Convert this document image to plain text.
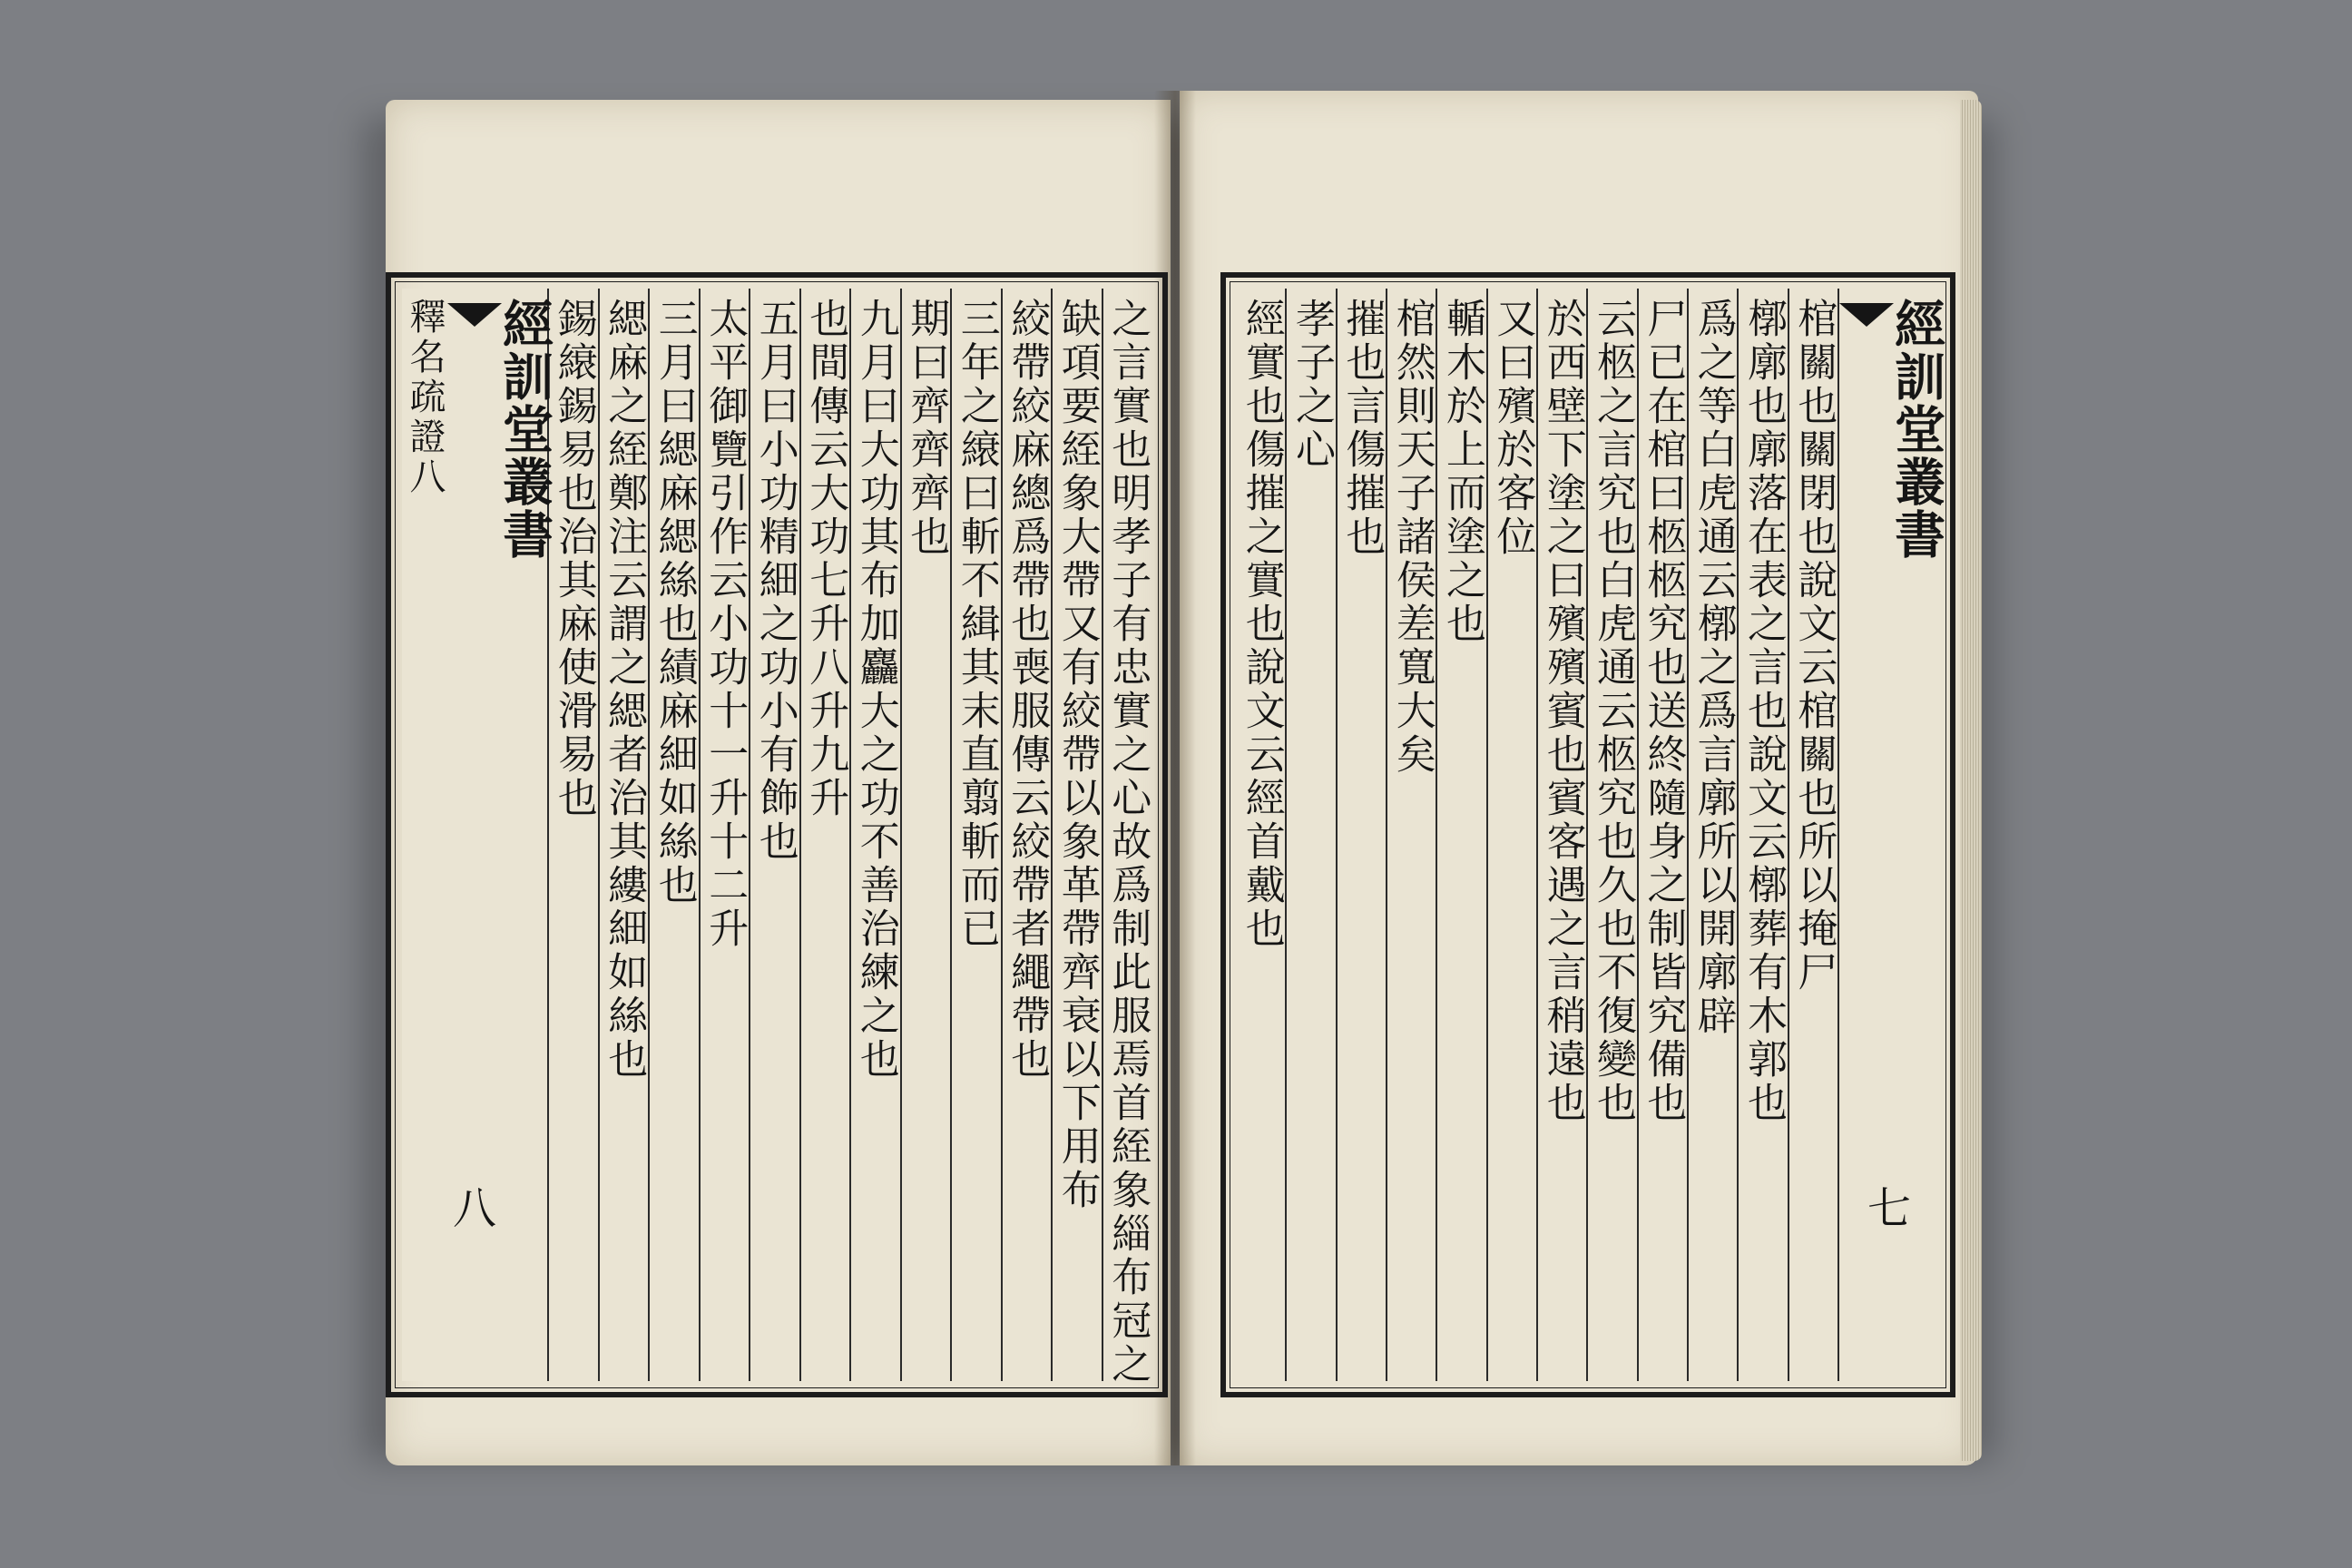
之言實也明孝子有忠實之心故爲制此服焉首絰象緇布冠之
缺項要絰象大帶又有絞帶以象革帶齊衰以下用布
絞帶絞麻總爲帶也喪服傳云絞帶者繩帶也
三年之縗曰斬不緝其末直翦斬而已
期曰齊齊齊也
九月曰大功其布加麤大之功不善治練之也
也間傳云大功七升八升九升
五月曰小功精細之功小有飾也
太平御覽引作云小功十一升十二升
三月曰緦麻緦絲也績麻細如絲也
緦麻之絰鄭注云謂之緦者治其縷細如絲也
錫縗錫易也治其麻使滑易也
經訓堂叢書
釋名疏證八
八
經訓堂叢書
七
棺關也關閉也說文云棺關也所以掩尸
槨廓也廓落在表之言也說文云槨葬有木郭也
爲之等白虎通云槨之爲言廓所以開廓辟
尸已在棺曰柩柩究也送終隨身之制皆究備也
云柩之言究也白虎通云柩究也久也不復變也
於西壁下塗之曰殯殯賓也賓客遇之言稍遠也
又曰殯於客位
輴木於上而塗之也
棺然則天子諸侯差寬大矣
摧也言傷摧也
孝子之心
經實也傷摧之實也說文云經首戴也
